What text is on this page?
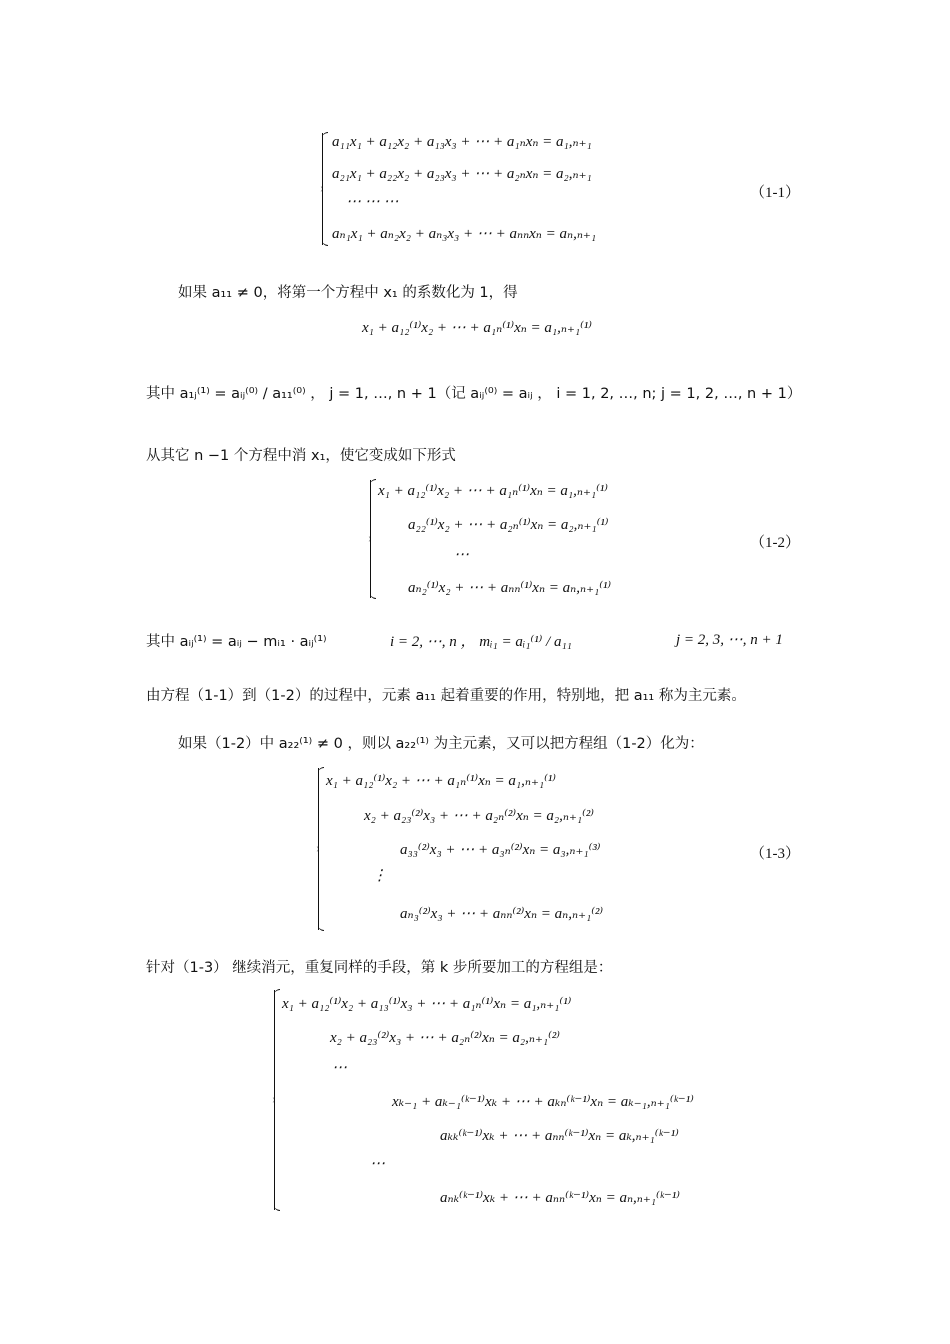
a₁₁x₁ + a₁₂x₂ + a₁₃x₃ + ⋯ + a₁ₙxₙ = a₁,ₙ₊₁
a₂₁x₁ + a₂₂x₂ + a₂₃x₃ + ⋯ + a₂ₙxₙ = a₂,ₙ₊₁
⋯ ⋯ ⋯
aₙ₁x₁ + aₙ₂x₂ + aₙ₃x₃ + ⋯ + aₙₙxₙ = aₙ,ₙ₊₁
（1-1）
如果 a₁₁ ≠ 0，将第一个方程中 x₁ 的系数化为 1，得
x₁ + a₁₂⁽¹⁾x₂ + ⋯ + a₁ₙ⁽¹⁾xₙ = a₁,ₙ₊₁⁽¹⁾
其中 a₁ⱼ⁽¹⁾ = aᵢⱼ⁽⁰⁾ / a₁₁⁽⁰⁾ ， j = 1, …, n + 1（记 aᵢⱼ⁽⁰⁾ = aᵢⱼ ， i = 1, 2, …, n; j = 1, 2, …, n + 1）
从其它 n −1 个方程中消 x₁，使它变成如下形式
x₁ + a₁₂⁽¹⁾x₂ + ⋯ + a₁ₙ⁽¹⁾xₙ = a₁,ₙ₊₁⁽¹⁾
a₂₂⁽¹⁾x₂ + ⋯ + a₂ₙ⁽¹⁾xₙ = a₂,ₙ₊₁⁽¹⁾
⋯
aₙ₂⁽¹⁾x₂ + ⋯ + aₙₙ⁽¹⁾xₙ = aₙ,ₙ₊₁⁽¹⁾
（1-2）
其中 aᵢⱼ⁽¹⁾ = aᵢⱼ − mᵢ₁ · aᵢⱼ⁽¹⁾	i = 2, ⋯, n ， mᵢ₁ = aᵢ₁⁽¹⁾ / a₁₁	j = 2, 3, ⋯, n + 1
由方程（1-1）到（1-2）的过程中，元素 a₁₁ 起着重要的作用，特别地，把 a₁₁ 称为主元素。
如果（1-2）中 a₂₂⁽¹⁾ ≠ 0 ，则以 a₂₂⁽¹⁾ 为主元素，又可以把方程组（1-2）化为：
x₁ + a₁₂⁽¹⁾x₂ + ⋯ + a₁ₙ⁽¹⁾xₙ = a₁,ₙ₊₁⁽¹⁾
x₂ + a₂₃⁽²⁾x₃ + ⋯ + a₂ₙ⁽²⁾xₙ = a₂,ₙ₊₁⁽²⁾
a₃₃⁽²⁾x₃ + ⋯ + a₃ₙ⁽²⁾xₙ = a₃,ₙ₊₁⁽³⁾
⋮
aₙ₃⁽²⁾x₃ + ⋯ + aₙₙ⁽²⁾xₙ = aₙ,ₙ₊₁⁽²⁾
（1-3）
针对（1-3） 继续消元，重复同样的手段，第 k 步所要加工的方程组是：
x₁ + a₁₂⁽¹⁾x₂ + a₁₃⁽¹⁾x₃ + ⋯ + a₁ₙ⁽¹⁾xₙ = a₁,ₙ₊₁⁽¹⁾
x₂ + a₂₃⁽²⁾x₃ + ⋯ + a₂ₙ⁽²⁾xₙ = a₂,ₙ₊₁⁽²⁾
⋯
xₖ₋₁ + aₖ₋₁⁽ᵏ⁻¹⁾xₖ + ⋯ + aₖₙ⁽ᵏ⁻¹⁾xₙ = aₖ₋₁,ₙ₊₁⁽ᵏ⁻¹⁾
aₖₖ⁽ᵏ⁻¹⁾xₖ + ⋯ + aₙₙ⁽ᵏ⁻¹⁾xₙ = aₖ,ₙ₊₁⁽ᵏ⁻¹⁾
⋯
aₙₖ⁽ᵏ⁻¹⁾xₖ + ⋯ + aₙₙ⁽ᵏ⁻¹⁾xₙ = aₙ,ₙ₊₁⁽ᵏ⁻¹⁾
